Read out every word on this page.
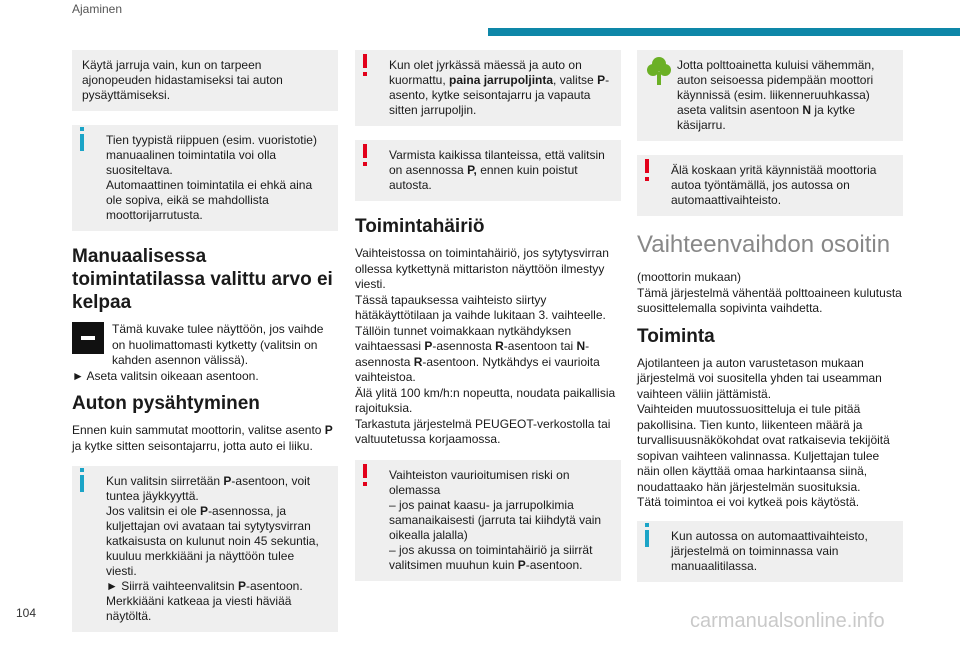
Ajaminen
Käytä jarruja vain, kun on tarpeen ajonopeuden hidastamiseksi tai auton pysäyttämiseksi.
Tien tyypistä riippuen (esim. vuoristotie) manuaalinen toimintatila voi olla suositeltava.
Automaattinen toimintatila ei ehkä aina ole sopiva, eikä se mahdollista moottorijarrutusta.
Manuaalisessa toimintatilassa valittu arvo ei kelpaa
Tämä kuvake tulee näyttöön, jos vaihde on huolimattomasti kytketty (valitsin on kahden asennon välissä).

► Aseta valitsin oikeaan asentoon.

Auton pysähtyminen

Ennen kuin sammutat moottorin, valitse asento P ja kytke sitten seisontajarru, jotta auto ei liiku.

Kun valitsin siirretään P-asentoon, voit tuntea jäykkyyttä.
Jos valitsin ei ole P-asennossa, ja kuljettajan ovi avataan tai sytytysvirran katkaisusta on kulunut noin 45 sekuntia, kuuluu merkkiääni ja näyttöön tulee viesti.
► Siirrä vaihteenvalitsin P-asentoon.
Merkkiääni katkeaa ja viesti häviää näytöltä.
Kun olet jyrkässä mäessä ja auto on kuormattu, paina jarrupoljinta, valitse P-asento, kytke seisontajarru ja vapauta sitten jarrupoljin.
Varmista kaikissa tilanteissa, että valitsin on asennossa P, ennen kuin poistut autosta.
Toimintahäiriö
Vaihteistossa on toimintahäiriö, jos sytytysvirran ollessa kytkettynä mittariston näyttöön ilmestyy viesti.
Tässä tapauksessa vaihteisto siirtyy hätäkäyttötilaan ja vaihde lukitaan 3. vaihteelle.
Tällöin tunnet voimakkaan nytkähdyksen vaihtaessasi P-asennosta R-asentoon tai N-asennosta R-asentoon. Nytkähdys ei vaurioita vaihteistoa.
Älä ylitä 100 km/h:n nopeutta, noudata paikallisia rajoituksia.
Tarkastuta järjestelmä PEUGEOT-verkostolla tai valtuutetussa korjaamossa.
Vaihteiston vaurioitumisen riski on olemassa
– jos painat kaasu- ja jarrupolkimia samanaikaisesti (jarruta tai kiihdytä vain oikealla jalalla)
– jos akussa on toimintahäiriö ja siirrät valitsimen muuhun kuin P-asentoon.
Jotta polttoainetta kuluisi vähemmän, auton seisoessa pidempään moottori käynnissä (esim. liikenneruuhkassa) aseta valitsin asentoon N ja kytke käsijarru.
Älä koskaan yritä käynnistää moottoria autoa työntämällä, jos autossa on automaattivaihteisto.
Vaihteenvaihdon osoitin
(moottorin mukaan)
Tämä järjestelmä vähentää polttoaineen kulutusta suosittelemalla sopivinta vaihdetta.
Toiminta
Ajotilanteen ja auton varustetason mukaan järjestelmä voi suositella yhden tai useamman vaihteen väliin jättämistä.
Vaihteiden muutossuositteluja ei tule pitää pakollisina. Tien kunto, liikenteen määrä ja turvallisuusnäkökohdat ovat ratkaisevia tekijöitä sopivan vaihteen valinnassa. Kuljettajan tulee näin ollen käyttää omaa harkintaansa siinä, noudattaako hän järjestelmän suosituksia.
Tätä toimintoa ei voi kytkeä pois käytöstä.
Kun autossa on automaattivaihteisto, järjestelmä on toiminnassa vain manuaalitilassa.
104	carmanualsonline.info
